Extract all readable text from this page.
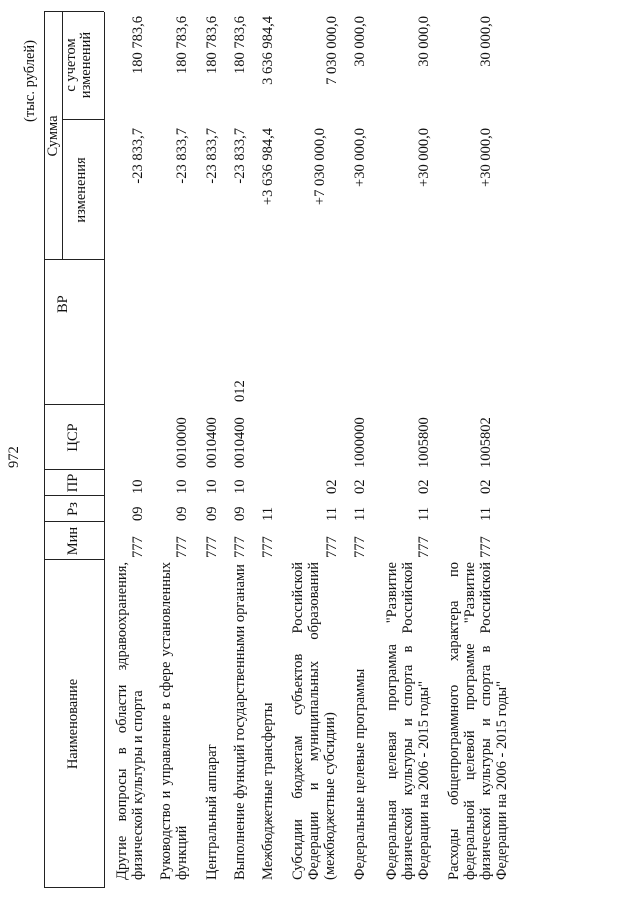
972
(тыс. рублей)
Наименование
Мин
Рз
ПР
ЦСР
ВР
Сумма
изменения
с учетом изменений
Другие вопросы в области здравоохранения, физической культуры и спорта
777
09
10
-23 833,7
180 783,6
Руководство и управление в сфере установленных функций
777
09
10
0010000
-23 833,7
180 783,6
Центральный аппарат
777
09
10
0010400
-23 833,7
180 783,6
Выполнение функций государственными органами
777
09
10
0010400
012
-23 833,7
180 783,6
Межбюджетные трансферты
777
11
+3 636 984,4
3 636 984,4
Субсидии бюджетам субъектов Российской Федерации и муниципальных образований (межбюджетные субсидии)
777
11
02
+7 030 000,0
7 030 000,0
Федеральные целевые программы
777
11
02
1000000
+30 000,0
30 000,0
Федеральная целевая программа "Развитие физической культуры и спорта в Российской Федерации на 2006 - 2015 годы"
777
11
02
1005800
+30 000,0
30 000,0
Расходы общепрограммного характера по федеральной целевой программе "Развитие физической культуры и спорта в Российской Федерации на 2006 - 2015 годы"
777
11
02
1005802
+30 000,0
30 000,0
